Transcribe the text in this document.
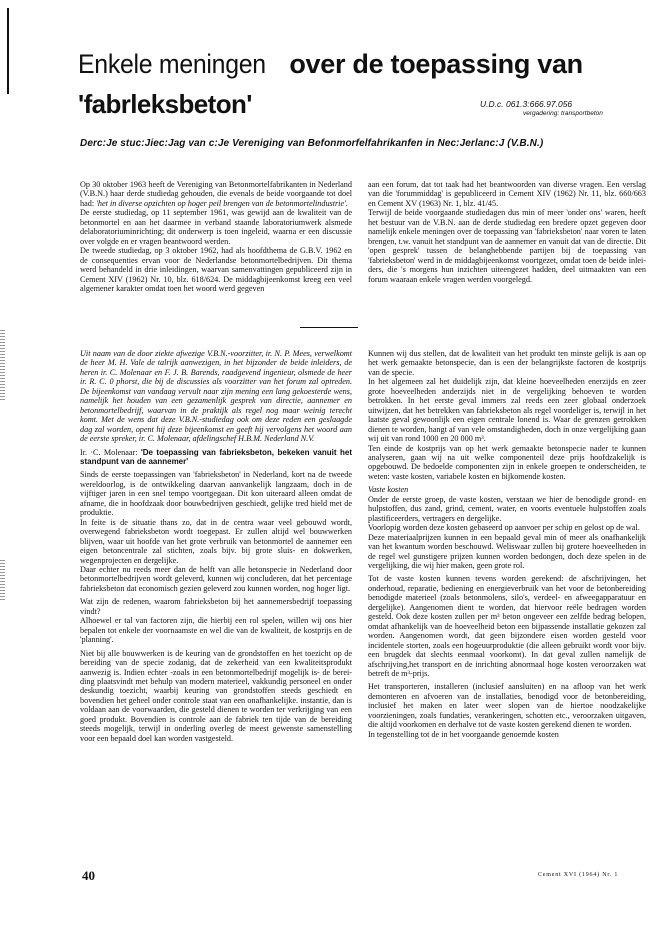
Enkele meningen over de toepassing van
'fabrleksbeton'	U.D.c. 061.3:666.97.056
vergadering: transportbeton
Derc:Je stuc:Jiec:Jag van c:Je Vereniging van Befonmorfelfahrikanfen in Nec:Jerlanc:J (V.B.N.)

Op 30 oktober 1963 heeft de Vereniging van Betonmortelfabrikanten in Nederland (V.B.N.) haar derde studiedag gehouden, die evenals de beide voorgaande tot doel had: 'het in diverse opzichten op hoger peil brengen van de betonmortelindustrie'.

De eerste studiedag, op 11 september 1961, was gewijd aan de kwaliteit van de betonmortel en aan het daarmee in verband staande laboratoriumwerk alsmede delaboratoriuminrichting; dit onderwerp is toen ingeleid, waarna er een discussie over volgde en er vragen beantwoord werden.

De tweede studiedag, op 3 oktober 1962, had als hoofdthema de G.B.V. 1962 en de consequenties ervan voor de Nederlandse betonmortelbedrijven. Dit thema werd behandeld in drie inleidingen, waarvan samenvattingen gepubliceerd zijn in Cement XIV (1962) Nr. 10, blz. 618/624. De middagbijeenkomst kreeg een veel algemener karakter omdat toen het woord werd gegeven

aan een forum, dat tot taak had het beantwoorden van diverse vragen. Een verslag van die 'forummiddag' is gepubliceerd in Cement XIV (1962) Nr. 11, blz. 660/663 en Cement XV (1963) Nr. 1, blz. 41/45.

Terwijl de beide voorgaande studiedagen dus min of meer 'onder ons' waren, heeft het bestuur van de V.B.N. aan de derde studiedag een bredere opzet gegeven door namelijk enkele meningen over de toepassing van 'fabrieksbeton' naar voren te laten brengen, t.w. vanuit het standpunt van de aannemer en vanuit dat van de directie. Dit 'open gesprek' tussen de belanghebbende partijen bij de toepassing van 'fabrieksbeton' werd in de middagbijeenkomst voortgezet, omdat toen de beide inleiders, die 's morgens hun inzichten uiteengezet hadden, deel uitmaakten van een forum waaraan enkele vragen werden voorgelegd.

Uit naam van de door ziekte afwezige V.B.N.-voorzitter, ir. N. P. Mees, verwelkomt de heer M. H. Vale de talrijk aanwezigen, in het bijzonder de beide inleiders, de heren ir. C. Molenaar en F. J. B. Barends, raadgevend ingenieur, olsmede de heer ir. R. C. 0 phorst, die bij de discussies als voorzitter van het forum zal optreden. De bijeenkomst van vandaag vervult naar zijn mening een lang gekoesterde wens, namelijk het houden van een gezamenlijk gesprek van directie, aannemer en betonmortelbedrijf, waarvan in de praktijk als regel nog maar weinig terecht komt. Met de wens dat deze V.B.N.-studiedag ook om deze reden een geslaagde dag zal worden, opent hij deze bijeenkomst en geeft hij vervolgens het woord aan de eerste spreker, ir. C. Molenaar, afdelingschef H.B.M. Nederland N.V.

Ir. ·C. Molenaar: 'De toepassing van fabrieksbeton, bekeken vanuit het standpunt van de aannemer'

Sinds de eerste toepassingen van 'fabrieksbeton' in Nederland, kort na de tweede wereldoorlog, is de ontwikkeling daarvan aanvankelijk langzaam, doch in de vijftiger jaren in een snel tempo voortgegaan. Dit kon uiteraard alleen omdat de afname, die in hoofdzaak door bouwbedrijven geschiedt, gelijke tred hield met de produktie.

In feite is de situatie thans zo, dat in de centra waar veel gebouwd wordt, overwegend fabrieksbeton wordt toegepast. Er zullen altijd wel bouwwerken blijven, waar uit hoofde van het grote verbruik van betonmortel de aannemer een eigen betoncentrale zal stichten, zoals bijv. bij grote sluis- en dokwerken, wegenprojecten en dergelijke.

Daar echter nu reeds meer dan de helft van alle betonspecie in Nederland door betonmortelbedrijven wordt geleverd, kunnen wij concluderen, dat het percentage fabrieksbeton dat economisch gezien geleverd zou kunnen worden, nog hoger ligt.

Wat zijn de redenen, waarom fabrieksbeton bij het aannemersbedrijf toepassing vindt?

Alhoewel er tal van factoren zijn, die hierbij een rol spelen, willen wij ons hier bepalen tot enkele der voornaamste en wel die van de kwaliteit, de kostprijs en de 'planning'.

Niet bij alle bouwwerken is de keuring van de grondstoffen en het toezicht op de bereiding van de specie zodanig, dat de zekerheid van een kwaliteitsprodukt aanwezig is. Indien echter -zoals in een betonmortelbedrijf mogelijk is- de bereiding plaatsvindt met behulp van modern materieel, vakkundig personeel en onder deskundig toezicht, waarbij keuring van grondstoffen steeds geschiedt en bovendien het geheel onder controle staat van een onafhankelijke. instantie, dan is voldaan aan de voorwaarden, die gesteld dienen te worden ter verkrijging van een goed produkt. Bovendien is controle aan de fabriek ten tijde van de bereiding steeds mogelijk, terwijl in onderling overleg de meest gewenste samenstelling voor een bepaald doel kan worden vastgesteld.

Kunnen wij dus stellen, dat de kwaliteit van het produkt ten minste gelijk is aan op het werk gemaakte betonspecie, dan is een der belangrijkste factoren de kostprijs van de specie.

In het algemeen zal het duidelijk zijn, dat kleine hoeveelheden enerzijds en zeer grote hoeveelheden anderzijds niet in de vergelijking behoeven te worden betrokken. In het eerste geval immers zal reeds een zeer globaal onderzoek uitwijzen, dat het betrekken van fabrieksbeton als regel voordeliger is, terwijl in het laatste geval gewoonlijk een eigen centrale lonend is. Waar de grenzen getrokken dienen te worden, hangt af van vele omstandigheden, doch in onze vergelijking gaan wij uit van rond 1000 en 20 000 m³.

Ten einde de kostprijs van op het werk gemaakte betonspecie nader te kunnen analyseren, gaan wij na uit welke componenteil deze prijs hoofdzakelijk is opgebouwd. De bedoelde componenten zijn in enkele groepen te onderscheiden, te weten: vaste kosten, variabele kosten en bijkomende kosten.

Vaste kosten

Onder de eerste groep, de vaste kosten, verstaan we hier de benodigde grond- en hulpstoffen, dus zand, grind, cement, water, en voorts eventuele hulpstoffen zoals plastificeerders, vertragers en dergelijke.

Voorlopig worden deze kosten gebaseerd op aanvoer per schip en gelost op de wal.

Deze materiaalprijzen kunnen in een bepaald geval min of meer als onafhankelijk van het kwantum worden beschouwd. Weliswaar zullen bij grotere hoeveelheden in de regel wel gunstigere prijzen kunnen worden bedongen, doch deze spelen in de vergelijking, die wij hier maken, geen grote rol.

Tot de vaste kosten kunnen tevens worden gerekend: de afschrijvingen, het onderhoud, reparatie, bediening en energieverbruik van het voor de betonbereiding benodigde materieel (zoals betonmolens, silo's, verdeel- en afweegapparatuur en dergelijke). Aangenomen dient te worden, dat hiervoor reële bedragen worden gesteld. Ook deze kosten zullen per m³ beton ongeveer een zelfde bedrag belopen, omdat afhankelijk van de hoeveelheid beton een bijpassende installatie gekozen zal worden. Aangenomen wordt, dat geen bijzondere eisen worden gesteld voor incidentele storten, zoals een hogeuurproduktie (die alleen gebruikt wordt voor bijv. een brugdek dat slechts eenmaal voorkomt). In dat geval zullen namelijk de afschrijving,het transport en de inrichting abnormaal hoge kosten veroorzaken wat betreft de m³-prijs.

Het transporteren, installeren (inclusief aansluiten) en na afloop van het werk demonteren en afvoeren van de installaties, benodigd voor de betonbereiding, inclusief het maken en later weer slopen van de hiertoe noodzakelijke voorzieningen, zoals fundaties, verankeringen, schotten etc., veroorzaken uitgaven, die altijd voorkomen en derhalve tot de vaste kosten gerekend dienen te worden.

In tegenstelling tot de in het voorgaande genoemde kosten

40	Cement XVI (1964) Nr. 1
